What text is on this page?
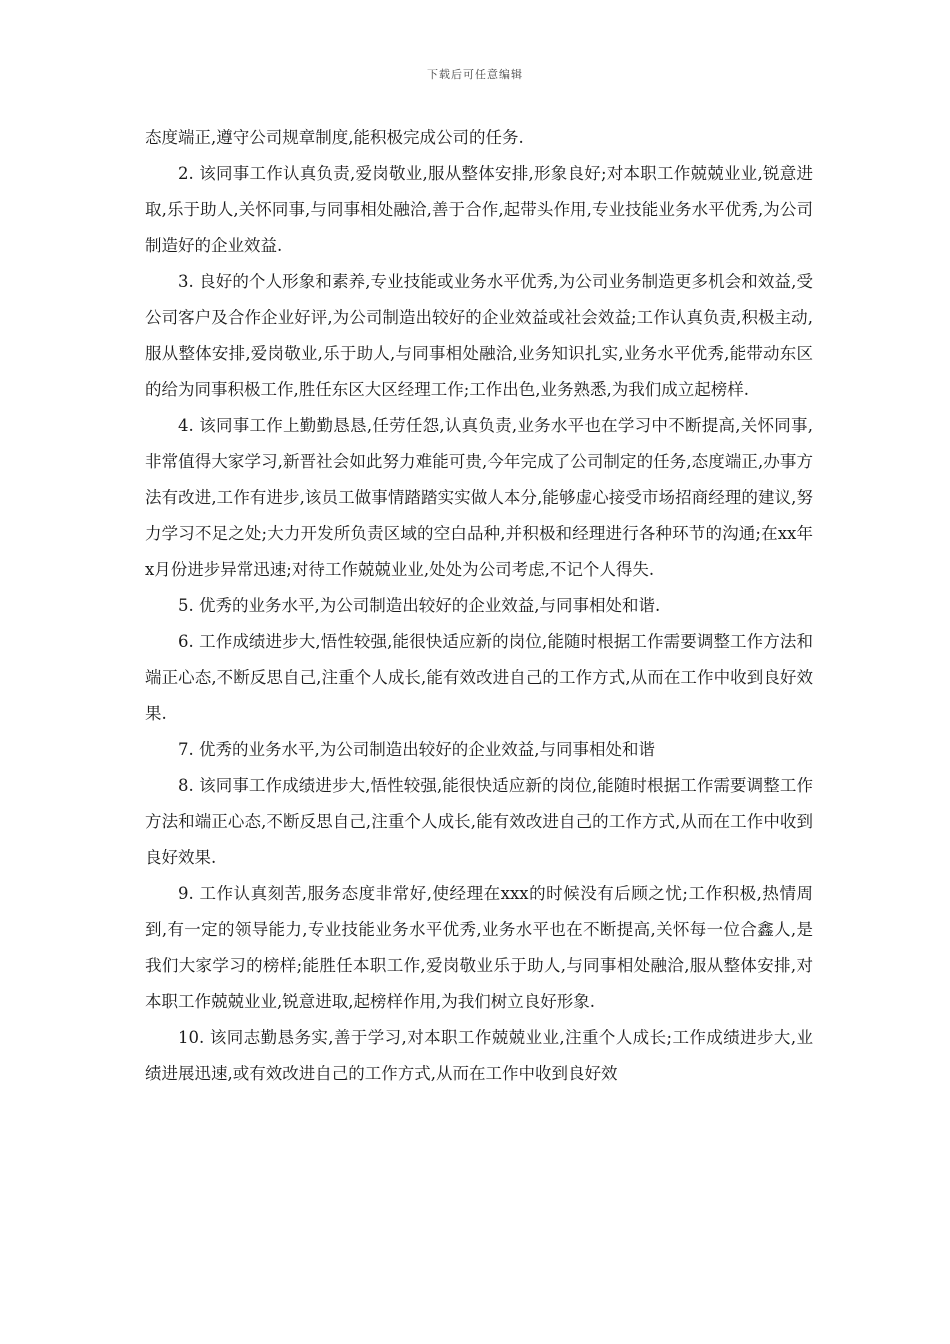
下载后可任意编辑

态度端正,遵守公司规章制度,能积极完成公司的任务.

2. 该同事工作认真负责,爱岗敬业,服从整体安排,形象良好;对本职工作兢兢业业,锐意进取,乐于助人,关怀同事,与同事相处融洽,善于合作,起带头作用,专业技能业务水平优秀,为公司制造好的企业效益.

3. 良好的个人形象和素养,专业技能或业务水平优秀,为公司业务制造更多机会和效益,受公司客户及合作企业好评,为公司制造出较好的企业效益或社会效益;工作认真负责,积极主动,服从整体安排,爱岗敬业,乐于助人,与同事相处融洽,业务知识扎实,业务水平优秀,能带动东区的给为同事积极工作,胜任东区大区经理工作;工作出色,业务熟悉,为我们成立起榜样.

4. 该同事工作上勤勤恳恳,任劳任怨,认真负责,业务水平也在学习中不断提高,关怀同事,非常值得大家学习,新晋社会如此努力难能可贵,今年完成了公司制定的任务,态度端正,办事方法有改进,工作有进步,该员工做事情踏踏实实做人本分,能够虚心接受市场招商经理的建议,努力学习不足之处;大力开发所负责区域的空白品种,并积极和经理进行各种环节的沟通;在xx年x月份进步异常迅速;对待工作兢兢业业,处处为公司考虑,不记个人得失.

5. 优秀的业务水平,为公司制造出较好的企业效益,与同事相处和谐.

6. 工作成绩进步大,悟性较强,能很快适应新的岗位,能随时根据工作需要调整工作方法和端正心态,不断反思自己,注重个人成长,能有效改进自己的工作方式,从而在工作中收到良好效果.

7. 优秀的业务水平,为公司制造出较好的企业效益,与同事相处和谐

8. 该同事工作成绩进步大,悟性较强,能很快适应新的岗位,能随时根据工作需要调整工作方法和端正心态,不断反思自己,注重个人成长,能有效改进自己的工作方式,从而在工作中收到良好效果.

9. 工作认真刻苦,服务态度非常好,使经理在xxx的时候没有后顾之忧;工作积极,热情周到,有一定的领导能力,专业技能业务水平优秀,业务水平也在不断提高,关怀每一位合鑫人,是我们大家学习的榜样;能胜任本职工作,爱岗敬业乐于助人,与同事相处融洽,服从整体安排,对本职工作兢兢业业,锐意进取,起榜样作用,为我们树立良好形象.

10. 该同志勤恳务实,善于学习,对本职工作兢兢业业,注重个人成长;工作成绩进步大,业绩进展迅速,或有效改进自己的工作方式,从而在工作中收到良好效
